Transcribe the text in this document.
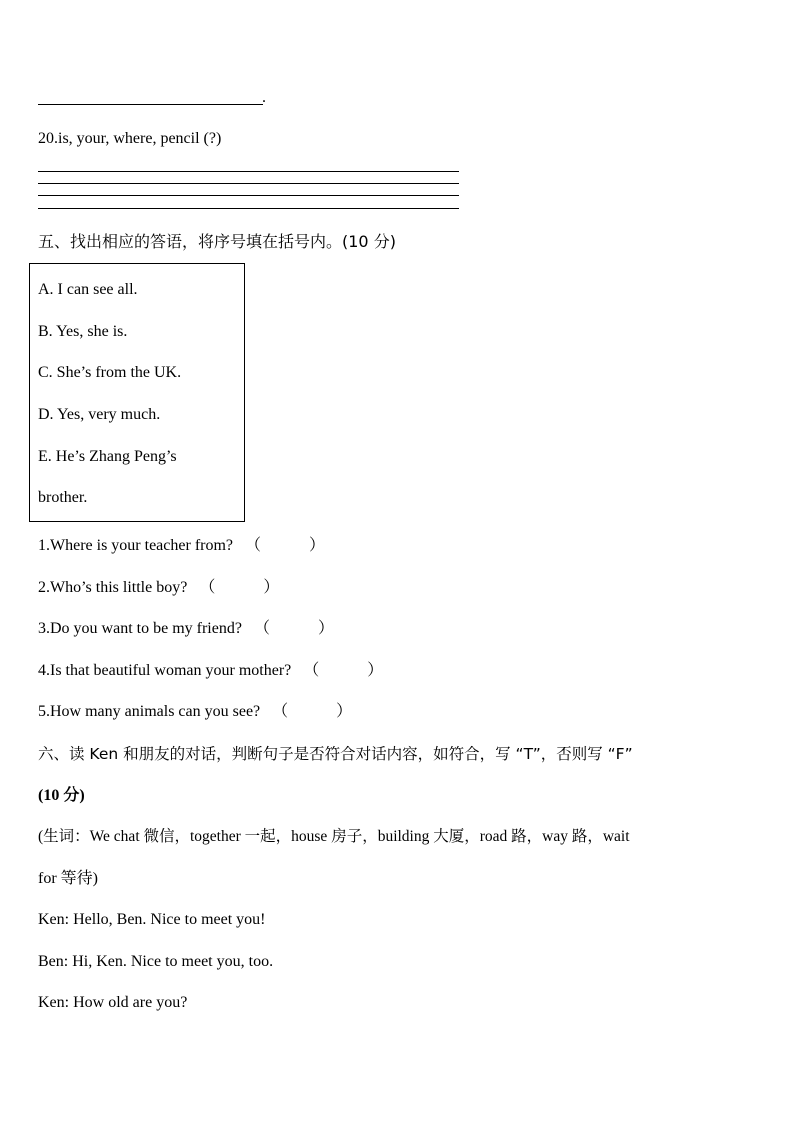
.
20.is, your, where, pencil (?)
五、找出相应的答语，将序号填在括号内。(10 分)
A. I can see all.
B. Yes, she is.
C. She’s from the UK.
D. Yes, very much.
E. He’s Zhang Peng’s
brother.
1.Where is your teacher from? （　　　）
2.Who’s this little boy? （　　　）
3.Do you want to be my friend? （　　　）
4.Is that beautiful woman your mother? （　　　）
5.How many animals can you see? （　　　）
六、读 Ken 和朋友的对话，判断句子是否符合对话内容，如符合，写 “T”，否则写 “F”
(10 分)
(生词：We chat 微信，together 一起，house 房子，building 大厦，road 路，way 路，wait
for 等待)
Ken: Hello, Ben. Nice to meet you!
Ben: Hi, Ken. Nice to meet you, too.
Ken: How old are you?
